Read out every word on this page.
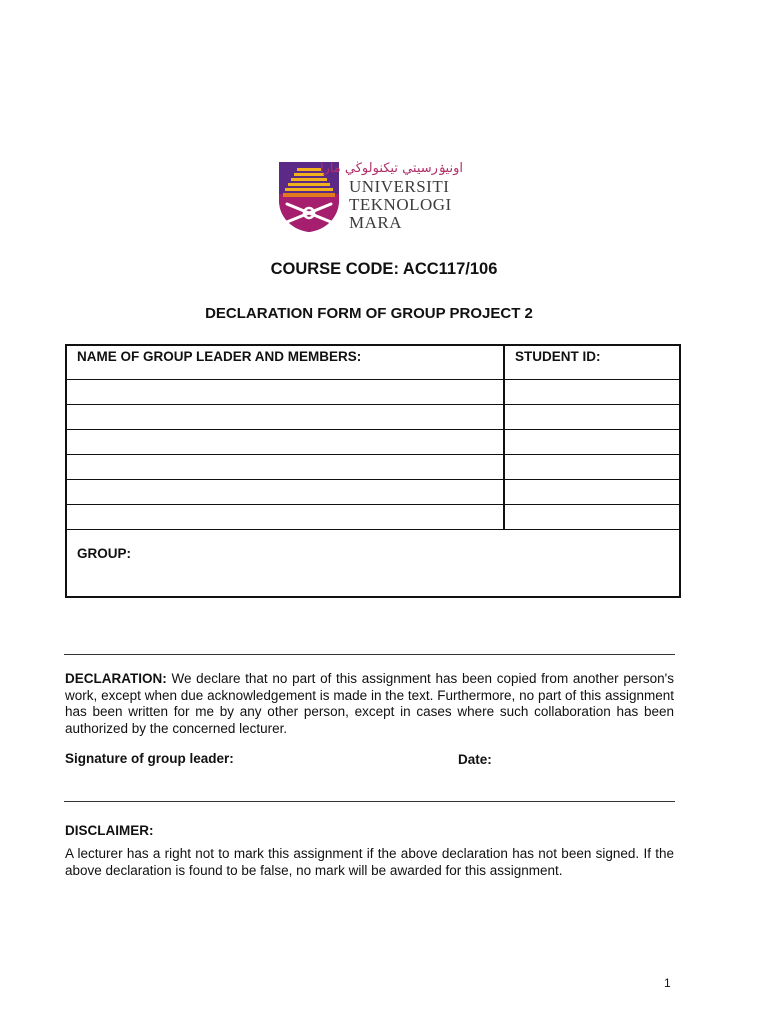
اونيۏرسيتي تيكنولوڬي مارا
UNIVERSITI
TEKNOLOGI
MARA
COURSE CODE: ACC117/106
DECLARATION FORM OF GROUP PROJECT 2
NAME OF GROUP LEADER AND MEMBERS:	STUDENT ID:

GROUP:	
DECLARATION: We declare that no part of this assignment has been copied from another person's work, except when due acknowledgement is made in the text. Furthermore, no part of this assignment has been written for me by any other person, except in cases where such collaboration has been authorized by the concerned lecturer.
Signature of group leader:	Date:
DISCLAIMER:
A lecturer has a right not to mark this assignment if the above declaration has not been signed. If the above declaration is found to be false, no mark will be awarded for this assignment.
1
